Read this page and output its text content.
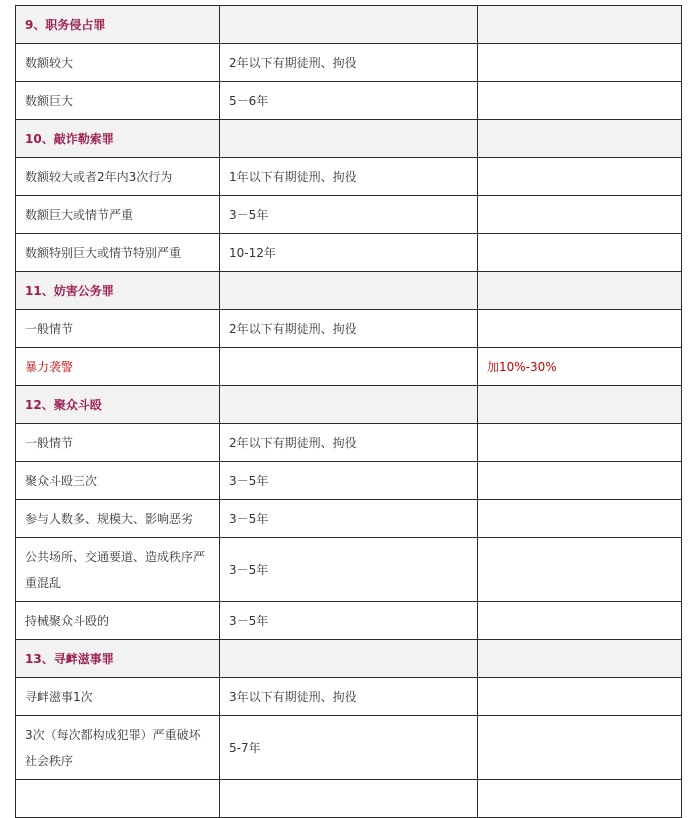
9、职务侵占罪		
数额较大	2年以下有期徒刑、拘役	
数额巨大	5－6年	
10、敲诈勒索罪		
数额较大或者2年内3次行为	1年以下有期徒刑、拘役	
数额巨大或情节严重	3－5年	
数额特别巨大或情节特别严重	10-12年	
11、妨害公务罪		
一般情节	2年以下有期徒刑、拘役	
暴力袭警		加10%-30%
12、聚众斗殴		
一般情节	2年以下有期徒刑、拘役	
聚众斗殴三次	3－5年	
参与人数多、规模大、影响恶劣	3－5年	
公共场所、交通要道、造成秩序严重混乱	3－5年	
持械聚众斗殴的	3－5年	
13、寻衅滋事罪		
寻衅滋事1次	3年以下有期徒刑、拘役	
3次（每次都构成犯罪）严重破坏社会秩序	5-7年	
